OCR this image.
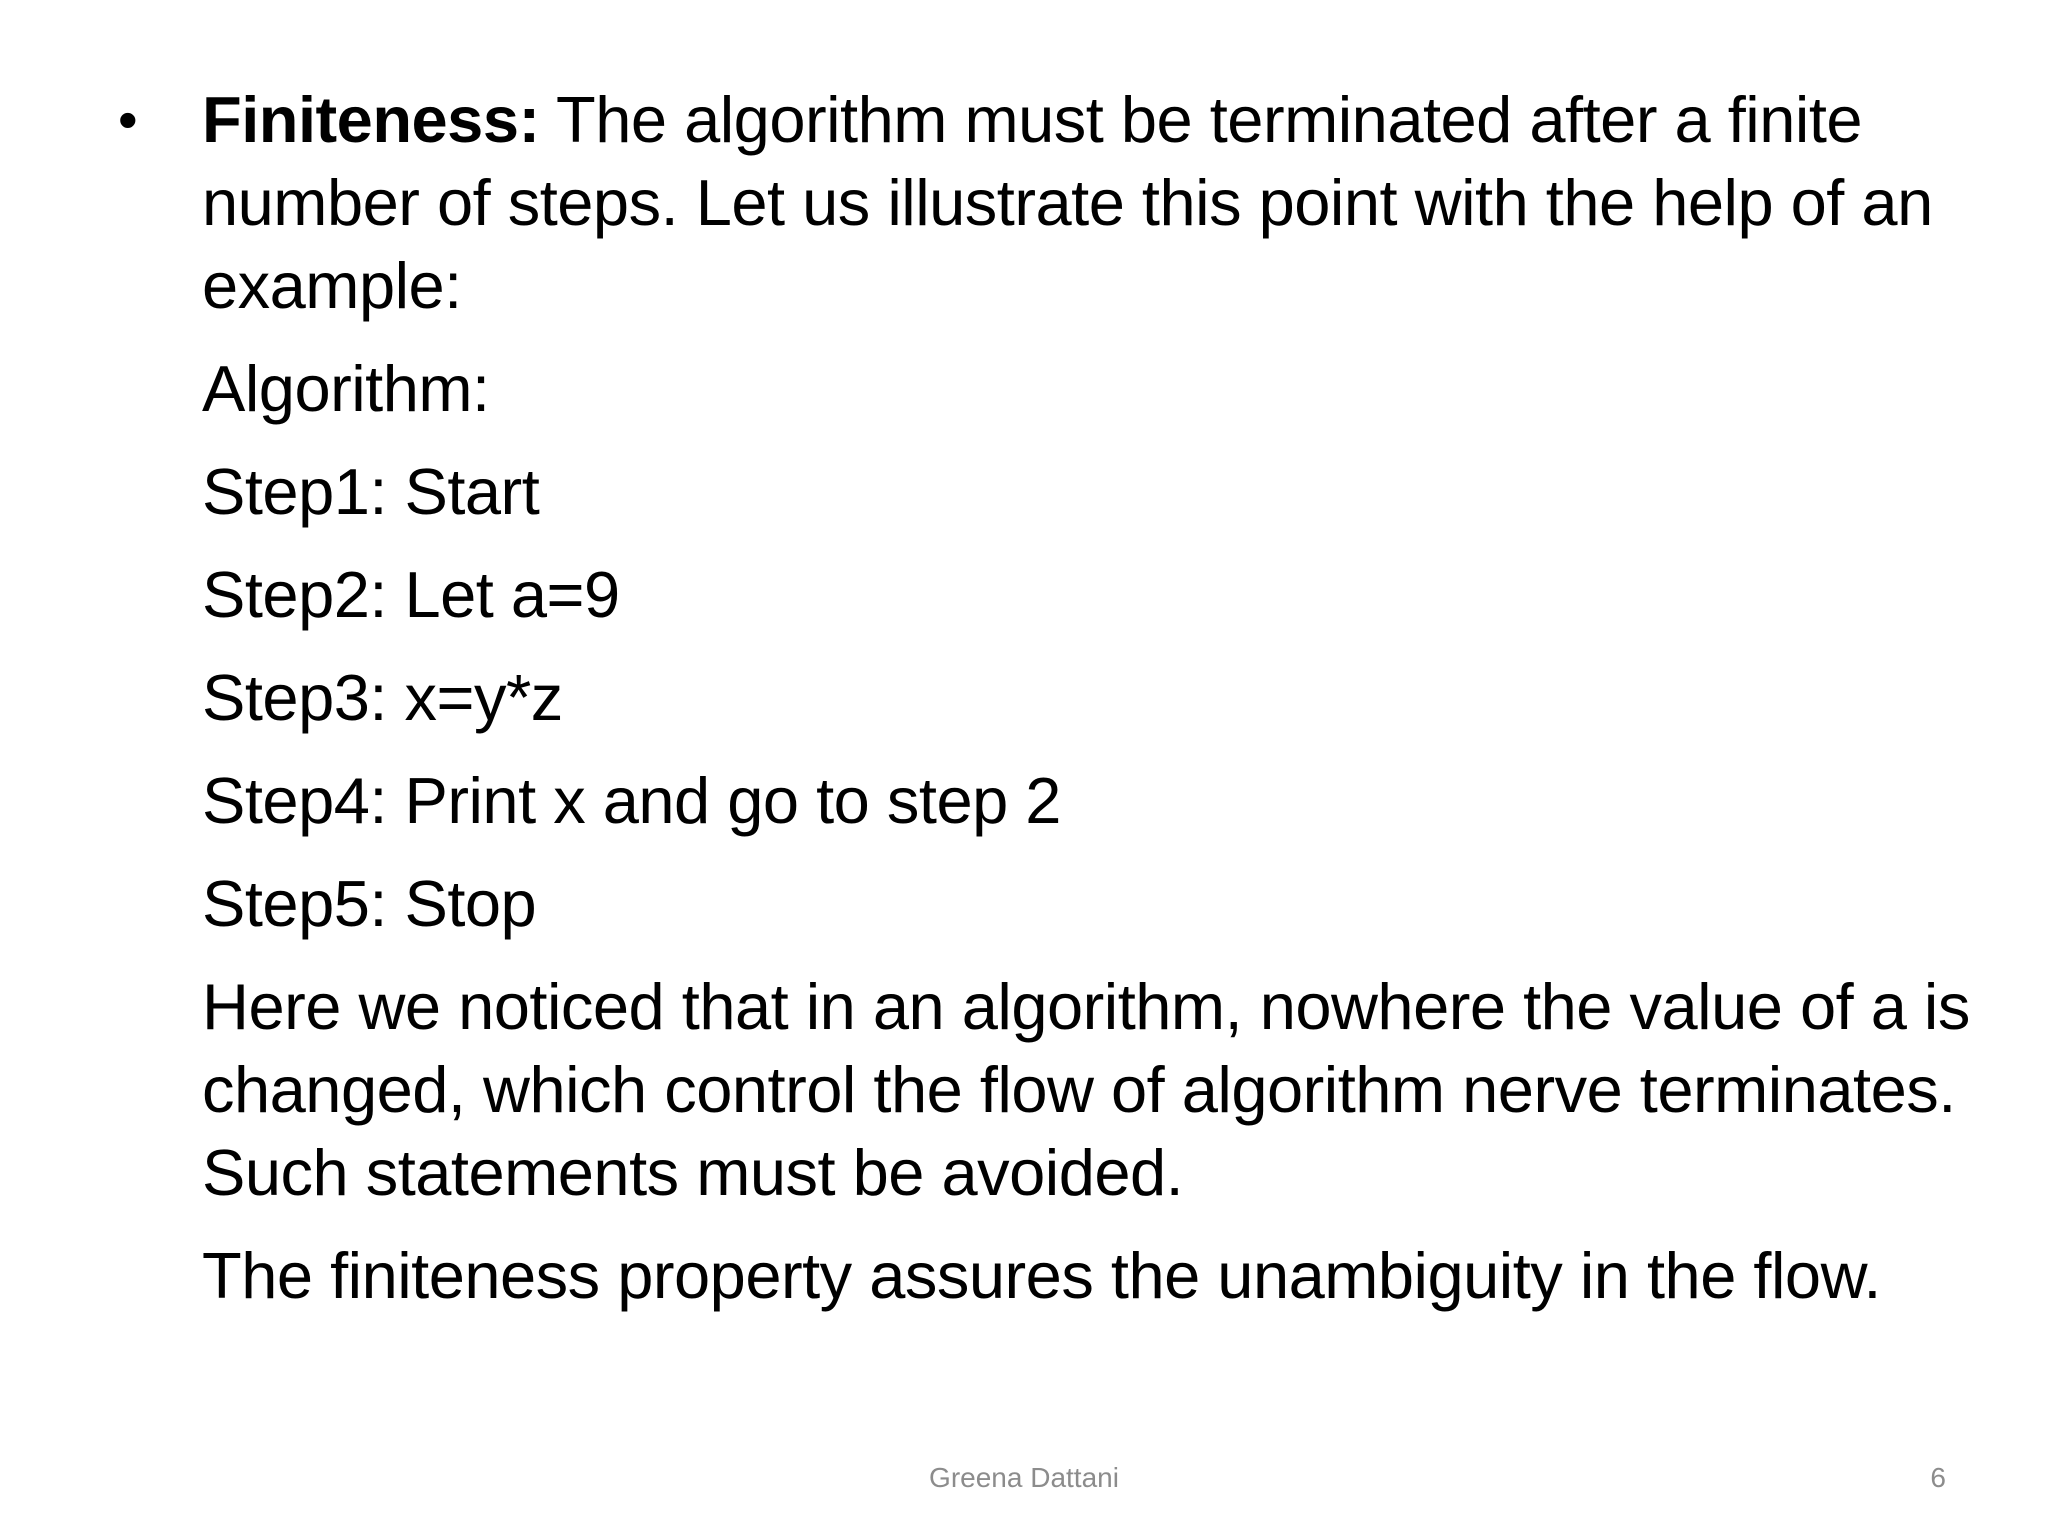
• Finiteness: The algorithm must be terminated after a finite number of steps. Let us illustrate this point with the help of an example:

Algorithm:

Step1: Start

Step2: Let a=9

Step3: x=y*z

Step4: Print x and go to step 2

Step5: Stop

Here we noticed that in an algorithm, nowhere the value of a is changed, which control the flow of algorithm nerve terminates. Such statements must be avoided.

The finiteness property assures the unambiguity in the flow.

Greena Dattani	6
